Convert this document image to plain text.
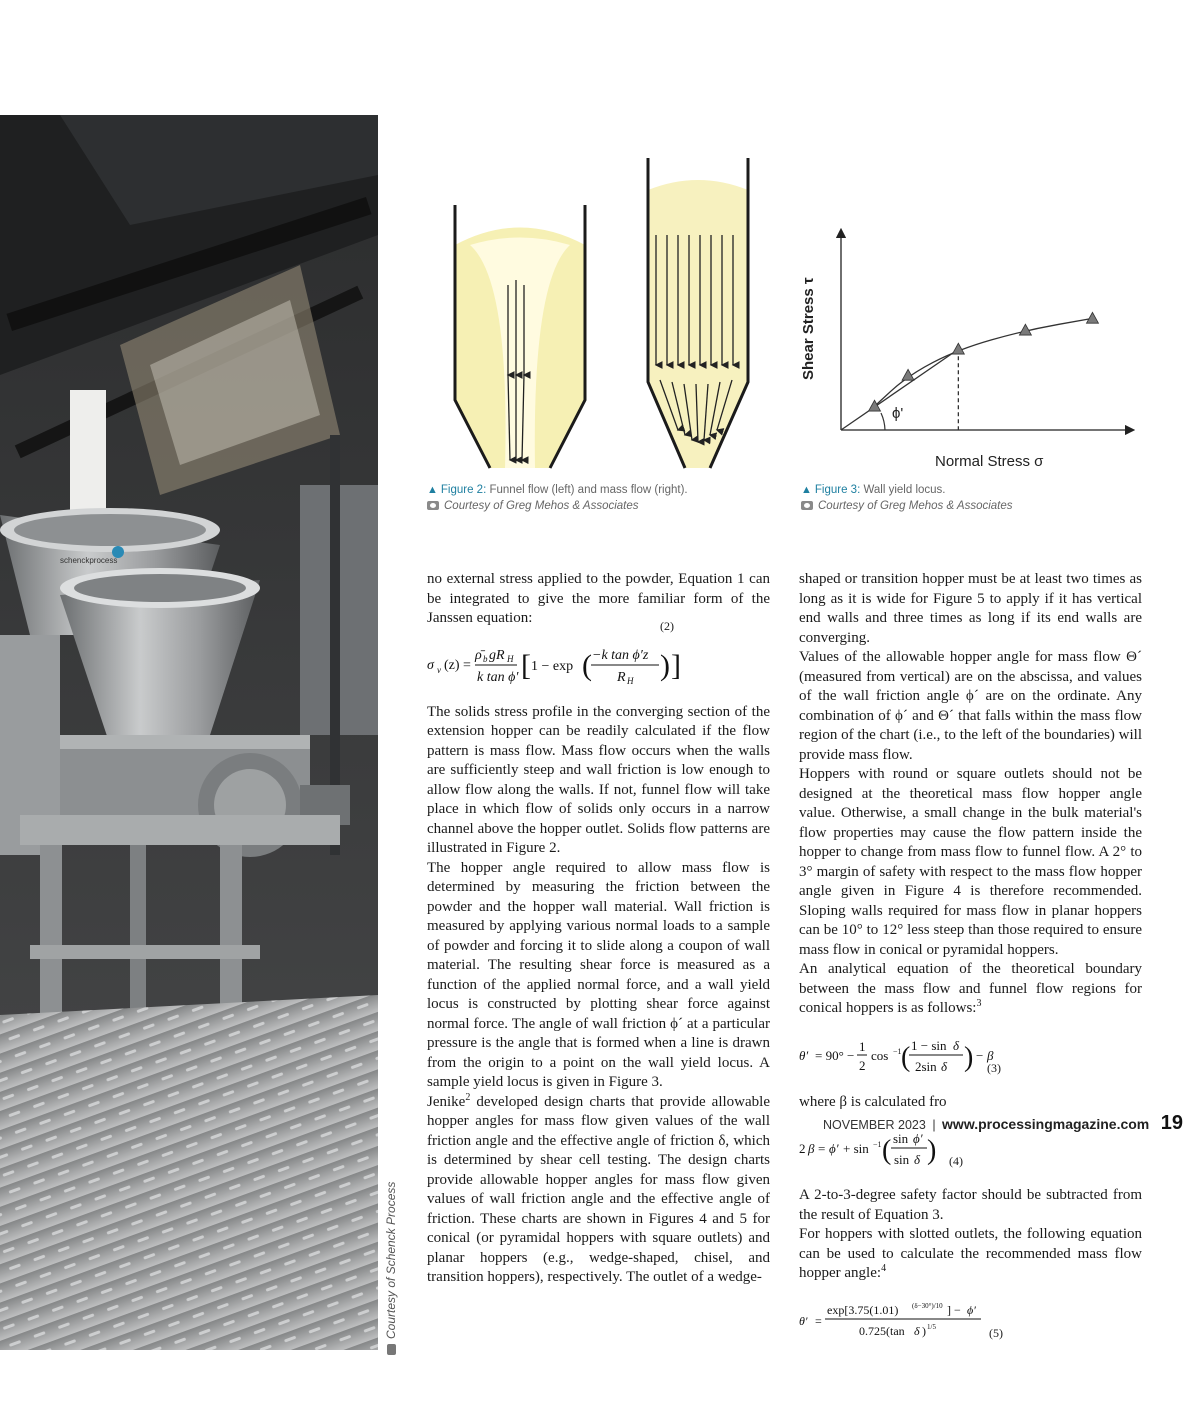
schenckprocess
Courtesy of Schenck Process
▲ Figure 2: Funnel flow (left) and mass flow (right).
Courtesy of Greg Mehos & Associates
ϕ'
Normal Stress σ
Shear Stress τ
▲ Figure 3: Wall yield locus.
Courtesy of Greg Mehos & Associates

no external stress applied to the powder, Equation 1 can be integrated to give the more familiar form of the Janssen equation:

σ v (z) =
ρ̄ b gR H
k tan ϕ′ [ 1 − exp ( −k tan ϕ′z
R H ) ]
(2)

The solids stress profile in the converging section of the extension hopper can be readily calculated if the flow pattern is mass flow. Mass flow occurs when the walls are sufficiently steep and wall friction is low enough to allow flow along the walls. If not, funnel flow will take place in which flow of solids only occurs in a narrow channel above the hopper outlet. Solids flow patterns are illustrated in Figure 2.

The hopper angle required to allow mass flow is determined by measuring the friction between the powder and the hopper wall material. Wall friction is measured by applying various normal loads to a sample of powder and forcing it to slide along a coupon of wall material. The resulting shear force is measured as a function of the applied normal force, and a wall yield locus is constructed by plotting shear force against normal force. The angle of wall friction ϕ´ at a particular pressure is the angle that is formed when a line is drawn from the origin to a point on the wall yield locus. A sample yield locus is given in Figure 3.

Jenike$^2$ developed design charts that provide allowable hopper angles for mass flow given values of the wall friction angle and the effective angle of friction δ, which is determined by shear cell testing. The design charts provide allowable hopper angles for mass flow given values of wall friction angle and the effective angle of friction. These charts are shown in Figures 4 and 5 for conical (or pyramidal hoppers with square outlets) and planar hoppers (e.g., wedge-shaped, chisel, and transition hoppers), respectively. The outlet of a wedge-

shaped or transition hopper must be at least two times as long as it is wide for Figure 5 to apply if it has vertical end walls and three times as long if its end walls are converging.

Values of the allowable hopper angle for mass flow Θ´ (measured from vertical) are on the abscissa, and values of the wall friction angle ϕ´ are on the ordinate. Any combination of ϕ´ and Θ´ that falls within the mass flow region of the chart (i.e., to the left of the boundaries) will provide mass flow.

Hoppers with round or square outlets should not be designed at the theoretical mass flow hopper angle value. Otherwise, a small change in the bulk material's flow properties may cause the flow pattern inside the hopper to change from mass flow to funnel flow. A 2° to 3° margin of safety with respect to the mass flow hopper angle given in Figure 4 is therefore recommended. Sloping walls required for mass flow in planar hoppers can be 10° to 12° less steep than those required to ensure mass flow in conical or pyramidal hoppers.

An analytical equation of the theoretical boundary between the mass flow and funnel flow regions for conical hoppers is as follows:$^3$

θ′ = 90° −
1
2
cos −1 ( 1 − sin δ
2sin δ ) − β
(3)

where β is calculated fro

2 β = ϕ′ + sin −1 ( sin ϕ′
sin δ ) (4)

A 2-to-3-degree safety factor should be subtracted from the result of Equation 3.

For hoppers with slotted outlets, the following equation can be used to calculate the recommended mass flow hopper angle:$^4$

θ′ =
exp[3.75(1.01) (δ−30°)/10 ] − ϕ′
0.725(tan δ ) 1/5	(5)
NOVEMBER 2023 | www.processingmagazine.com 19
